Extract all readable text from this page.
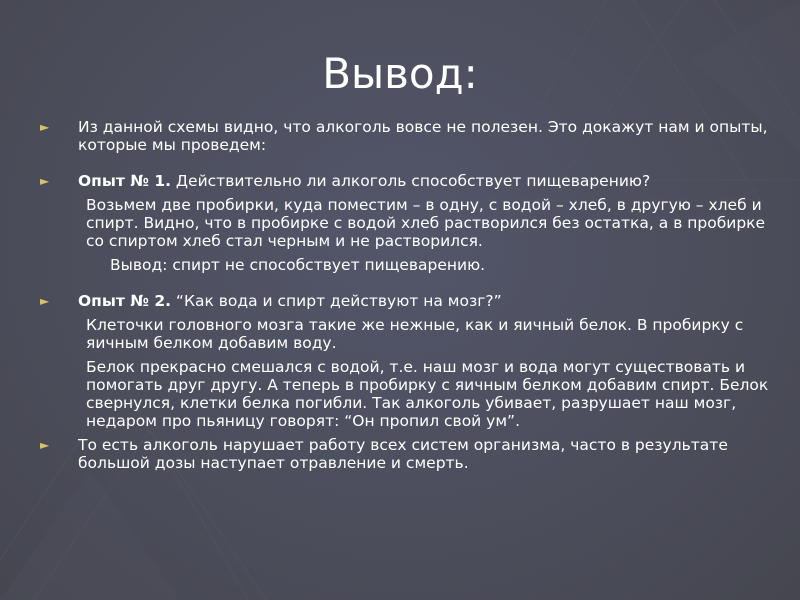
Вывод:
► Из данной схемы видно, что алкоголь вовсе не полезен. Это докажут нам и опыты, которые мы проведем:

► Опыт № 1. Действительно ли алкоголь способствует пищеварению?

Возьмем две пробирки, куда поместим – в одну, с водой – хлеб, в другую – хлеб и спирт. Видно, что в пробирке с водой хлеб растворился без остатка, а в пробирке со спиртом хлеб стал черным и не растворился.

Вывод: спирт не способствует пищеварению.

► Опыт № 2. “Как вода и спирт действуют на мозг?”

Клеточки головного мозга такие же нежные, как и яичный белок. В пробирку с яичным белком добавим воду.

Белок прекрасно смешался с водой, т.е. наш мозг и вода могут существовать и помогать друг другу. А теперь в пробирку с яичным белком добавим спирт. Белок свернулся, клетки белка погибли. Так алкоголь убивает, разрушает наш мозг, недаром про пьяницу говорят: “Он пропил свой ум”.

► То есть алкоголь нарушает работу всех систем организма, часто в результате большой дозы наступает отравление и смерть.
